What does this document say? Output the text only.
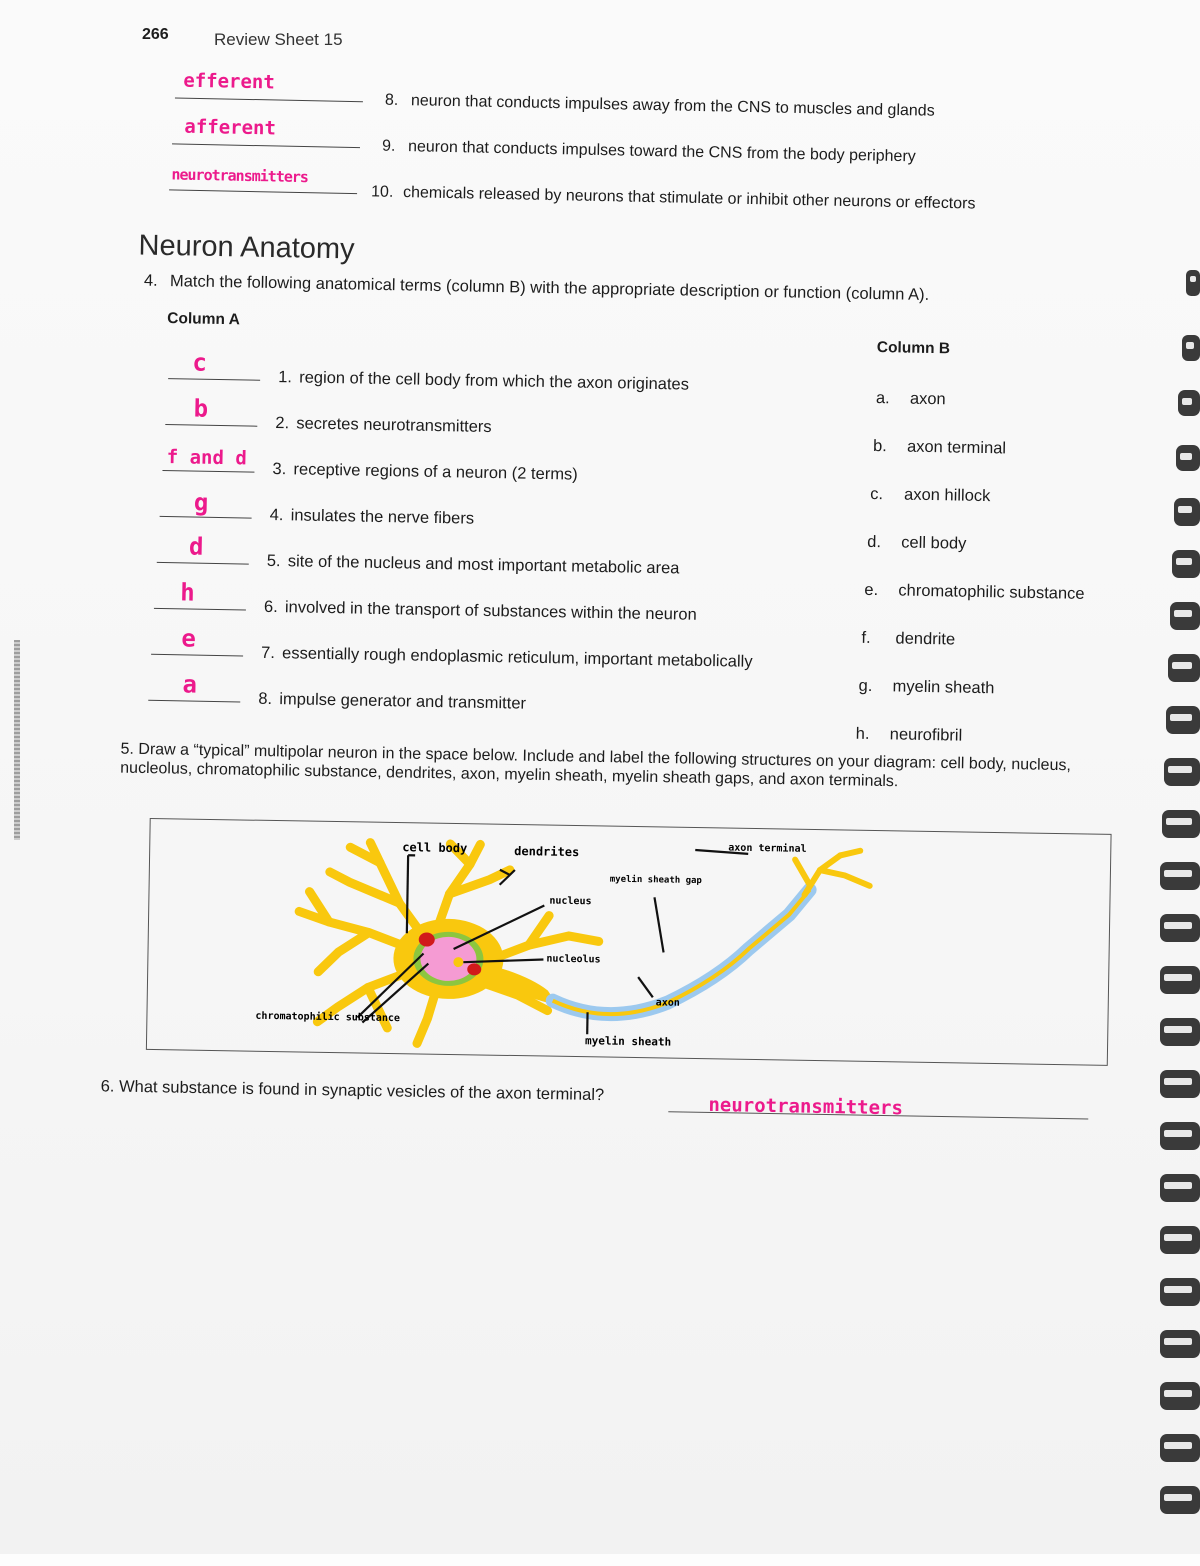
266	Review Sheet 15
efferent
8. neuron that conducts impulses away from the CNS to muscles and glands
afferent
9. neuron that conducts impulses toward the CNS from the body periphery
neurotransmitters
10. chemicals released by neurons that stimulate or inhibit other neurons or effectors
Neuron Anatomy
4. Match the following anatomical terms (column B) with the appropriate description or function (column A).
Column A
Column B
c
1. region of the cell body from which the axon originates
b
2. secretes neurotransmitters
f and d 3. receptive regions of a neuron (2 terms)
g	4. insulates the nerve fibers
d
5. site of the nucleus and most important metabolic area
h
6. involved in the transport of substances within the neuron
e
7. essentially rough endoplasmic reticulum, important metabolically
a
8. impulse generator and transmitter
a. axon
b. axon terminal
c. axon hillock
d. cell body
e. chromatophilic substance
f. dendrite
g. myelin sheath
h. neurofibril
5. Draw a “typical” multipolar neuron in the space below. Include and label the following structures on your diagram: cell body, nucleus, nucleolus, chromatophilic substance, dendrites, axon, myelin sheath, myelin sheath gaps, and axon terminals.
cell body	dendrites
nucleus
nucleolus
myelin sheath gap
axon terminal
axon
myelin sheath
chromatophilic substance
6. What substance is found in synaptic vesicles of the axon terminal?
neurotransmitters
